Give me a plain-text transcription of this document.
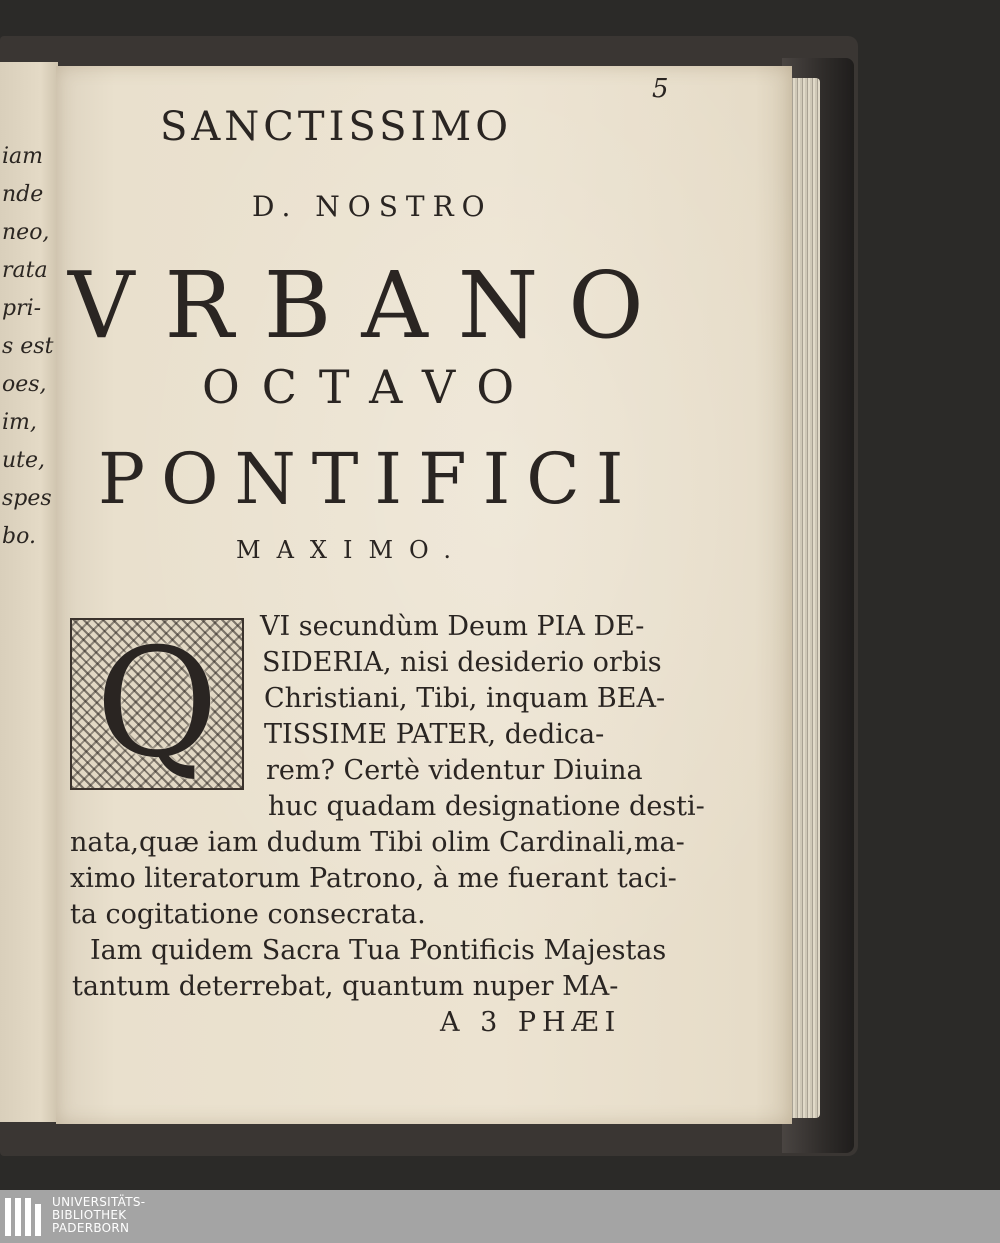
iam
nde
neo,
rata
pri-
s est
oes,
im,
ute,
spes
bo.
5
SANCTISSIMO
D. NOSTRO
VRBANO
OCTAVO
PONTIFICI
MAXIMO.
Q	VI secundùm Deum PIA DE-
SIDERIA, nisi desiderio orbis
Christiani, Tibi, inquam BEA-
TISSIME PATER, dedica-
rem? Certè videntur Diuina
huc quadam designatione desti-
nata,quæ iam dudum Tibi olim Cardinali,ma-
ximo literatorum Patrono, à me fuerant taci-
ta cogitatione consecrata.
Iam quidem Sacra Tua Pontificis Majestas
tantum deterrebat, quantum nuper MA-
A 3 PHÆI
UNIVERSITÄTS-
BIBLIOTHEK
PADERBORN
